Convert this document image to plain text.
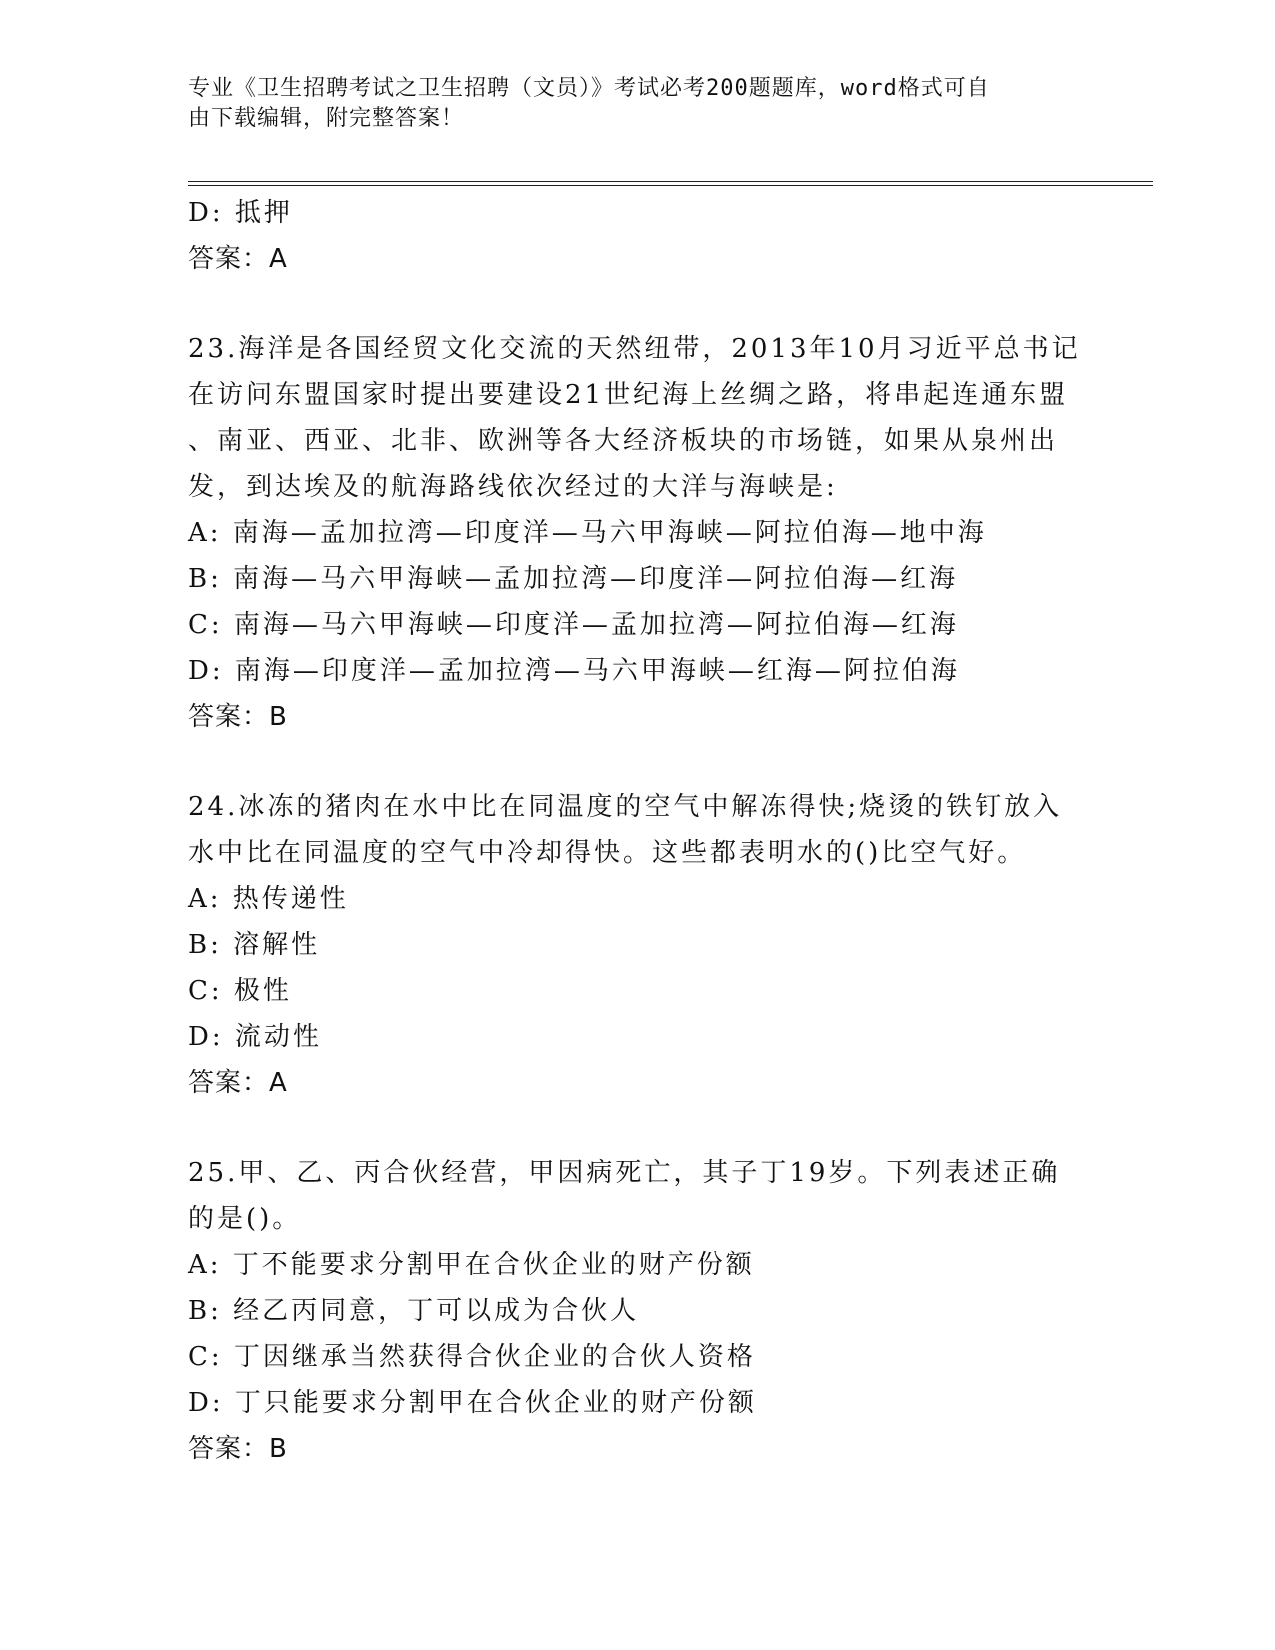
专业《卫生招聘考试之卫生招聘（文员）》考试必考200题题库，word格式可自
由下载编辑，附完整答案！
D: 抵押
答案：A
23.海洋是各国经贸文化交流的天然纽带，2013年10月习近平总书记
在访问东盟国家时提出要建设21世纪海上丝绸之路，将串起连通东盟
、南亚、西亚、北非、欧洲等各大经济板块的市场链，如果从泉州出
发，到达埃及的航海路线依次经过的大洋与海峡是:
A: 南海—孟加拉湾—印度洋—马六甲海峡—阿拉伯海—地中海
B: 南海—马六甲海峡—孟加拉湾—印度洋—阿拉伯海—红海
C: 南海—马六甲海峡—印度洋—孟加拉湾—阿拉伯海—红海
D: 南海—印度洋—孟加拉湾—马六甲海峡—红海—阿拉伯海
答案：B
24.冰冻的猪肉在水中比在同温度的空气中解冻得快;烧烫的铁钉放入
水中比在同温度的空气中冷却得快。这些都表明水的()比空气好。
A: 热传递性
B: 溶解性
C: 极性
D: 流动性
答案：A
25.甲、乙、丙合伙经营，甲因病死亡，其子丁19岁。下列表述正确
的是()。
A: 丁不能要求分割甲在合伙企业的财产份额
B: 经乙丙同意，丁可以成为合伙人
C: 丁因继承当然获得合伙企业的合伙人资格
D: 丁只能要求分割甲在合伙企业的财产份额
答案：B
